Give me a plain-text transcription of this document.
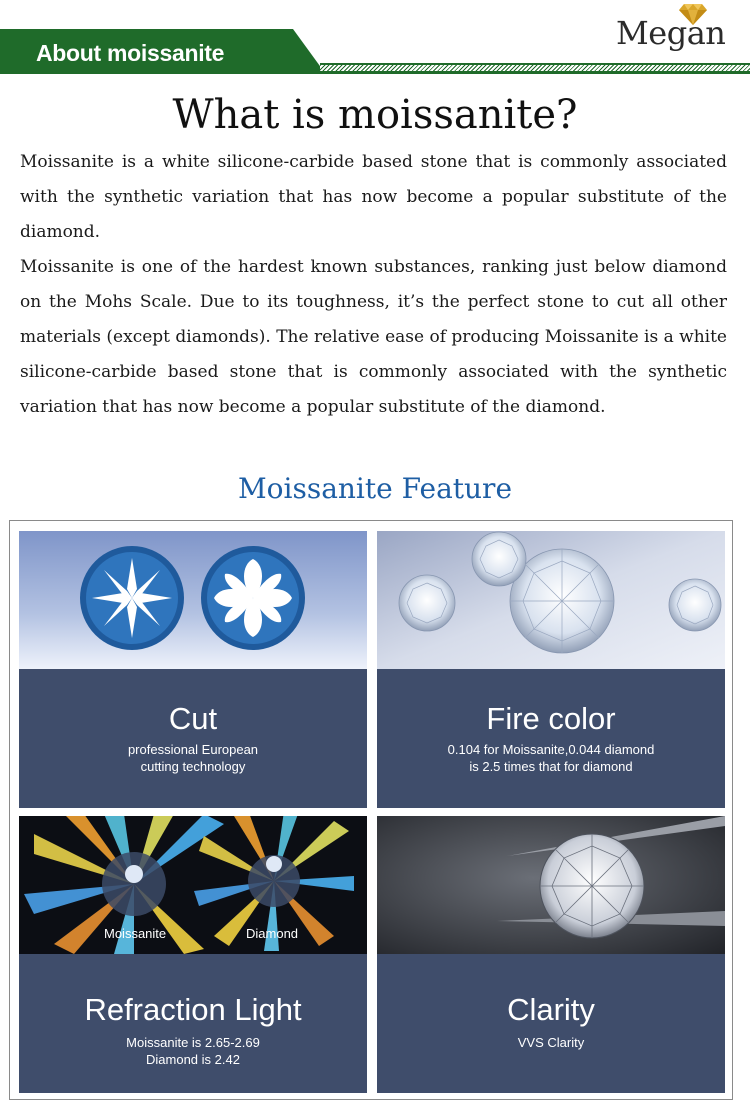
About moissanite
Megan
What is moissanite?

Moissanite is a white silicone-carbide based stone that is commonly associated with the synthetic variation that has now become a popular substitute of the diamond.

Moissanite is one of the hardest known substances, ranking just below diamond on the Mohs Scale. Due to its toughness, it’s the perfect stone to cut all other materials (except diamonds). The relative ease of producing Moissanite is a white silicone-carbide based stone that is commonly associated with the synthetic variation that has now become a popular substitute of the diamond.

Moissanite Feature
Cut
professional European
cutting technology
Fire color
0.104 for Moissanite,0.044 diamond
is 2.5 times that for diamond
Moissanite	Diamond
Refraction Light
Moissanite is 2.65-2.69
Diamond is 2.42
Clarity
VVS Clarity
